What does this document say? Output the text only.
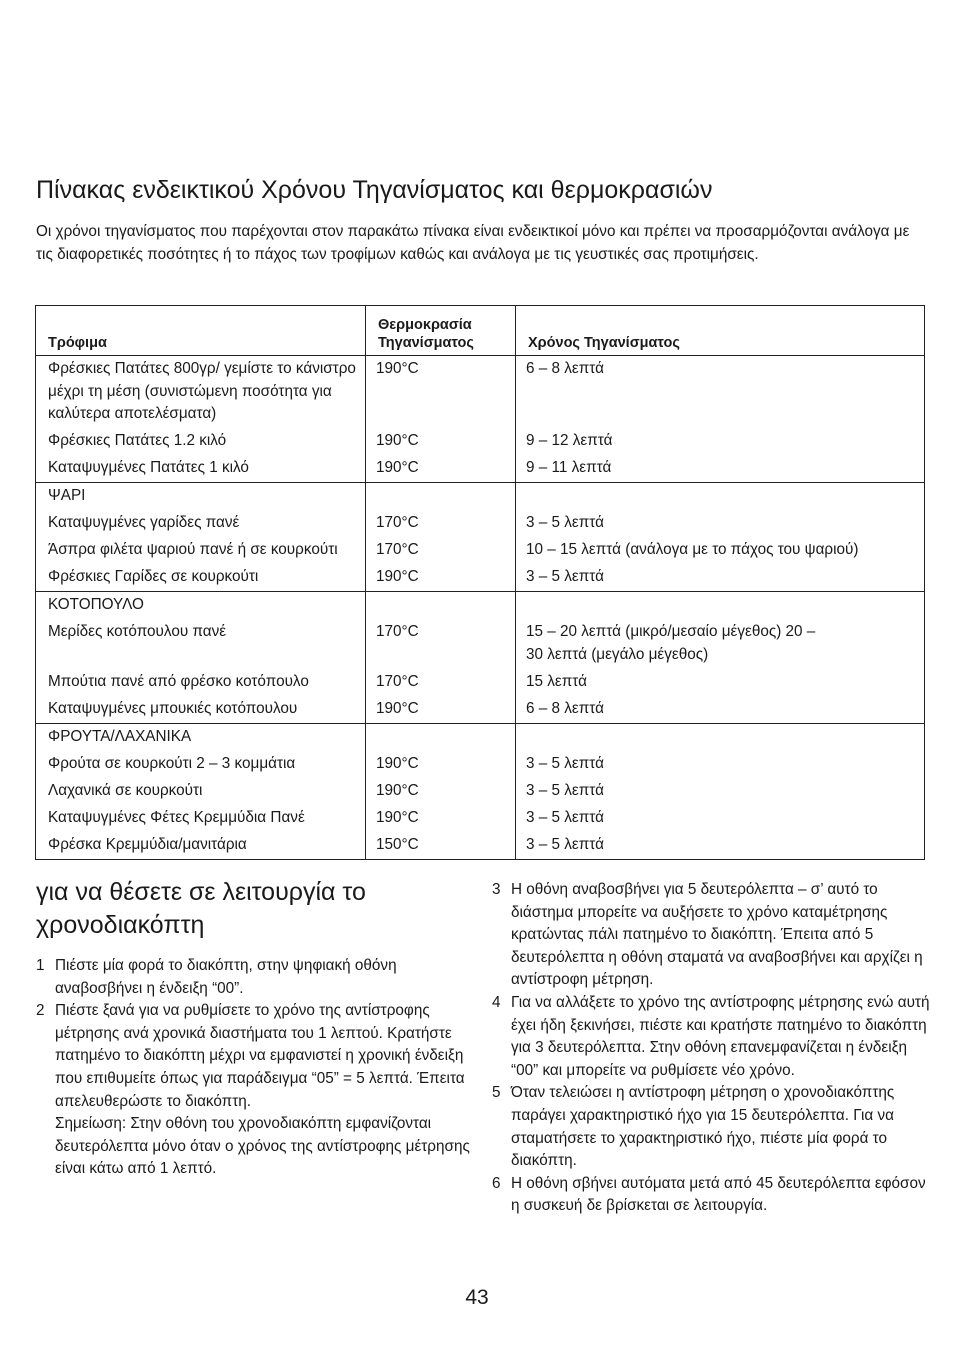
Πίνακας ενδεικτικού Χρόνου Τηγανίσματος και θερμοκρασιών

Οι χρόνοι τηγανίσματος που παρέχονται στον παρακάτω πίνακα είναι ενδεικτικοί μόνο και πρέπει να προσαρμόζονται ανάλογα με τις διαφορετικές ποσότητες ή το πάχος των τροφίμων καθώς και ανάλογα με τις γευστικές σας προτιμήσεις.

Τρόφιμα	Θερμοκρασία Τηγανίσματος	Χρόνος Τηγανίσματος
Φρέσκιες Πατάτες 800γρ/ γεμίστε το κάνιστρο μέχρι τη μέση (συνιστώμενη ποσότητα για καλύτερα αποτελέσματα)	190°C	6 – 8 λεπτά
Φρέσκιες Πατάτες 1.2 κιλό	190°C	9 – 12 λεπτά
Καταψυγμένες Πατάτες 1 κιλό	190°C	9 – 11 λεπτά
ΨΑΡΙ		
Καταψυγμένες γαρίδες πανέ	170°C	3 – 5 λεπτά
Άσπρα φιλέτα ψαριού πανέ ή σε κουρκούτι	170°C	10 – 15 λεπτά (ανάλογα με το πάχος του ψαριού)
Φρέσκιες Γαρίδες σε κουρκούτι	190°C	3 – 5 λεπτά
ΚΟΤΟΠΟΥΛΟ		
Μερίδες κοτόπουλου πανέ	170°C	15 – 20 λεπτά (μικρό/μεσαίο μέγεθος) 20 – 30 λεπτά (μεγάλο μέγεθος)
Μπούτια πανέ από φρέσκο κοτόπουλο	170°C	15 λεπτά
Καταψυγμένες μπουκιές κοτόπουλου	190°C	6 – 8 λεπτά
ΦΡΟΥΤΑ/ΛΑΧΑΝΙΚΑ		
Φρούτα σε κουρκούτι 2 – 3 κομμάτια	190°C	3 – 5 λεπτά
Λαχανικά σε κουρκούτι	190°C	3 – 5 λεπτά
Καταψυγμένες Φέτες Κρεμμύδια Πανέ	190°C	3 – 5 λεπτά
Φρέσκα Κρεμμύδια/μανιτάρια	150°C	3 – 5 λεπτά
για να θέσετε σε λειτουργία το χρονοδιακόπτη
1 Πιέστε μία φορά το διακόπτη, στην ψηφιακή οθόνη αναβοσβήνει η ένδειξη “00”.
2 Πιέστε ξανά για να ρυθμίσετε το χρόνο της αντίστροφης μέτρησης ανά χρονικά διαστήματα του 1 λεπτού. Κρατήστε πατημένο το διακόπτη μέχρι να εμφανιστεί η χρονική ένδειξη που επιθυμείτε όπως για παράδειγμα “05” = 5 λεπτά. Έπειτα απελευθερώστε το διακόπτη.
Σημείωση: Στην οθόνη του χρονοδιακόπτη εμφανίζονται δευτερόλεπτα μόνο όταν ο χρόνος της αντίστροφης μέτρησης είναι κάτω από 1 λεπτό.
3 Η οθόνη αναβοσβήνει για 5 δευτερόλεπτα – σ’ αυτό το διάστημα μπορείτε να αυξήσετε το χρόνο καταμέτρησης κρατώντας πάλι πατημένο το διακόπτη. Έπειτα από 5 δευτερόλεπτα η οθόνη σταματά να αναβοσβήνει και αρχίζει η αντίστροφη μέτρηση.
4 Για να αλλάξετε το χρόνο της αντίστροφης μέτρησης ενώ αυτή έχει ήδη ξεκινήσει, πιέστε και κρατήστε πατημένο το διακόπτη για 3 δευτερόλεπτα. Στην οθόνη επανεμφανίζεται η ένδειξη “00” και μπορείτε να ρυθμίσετε νέο χρόνο.
5 Όταν τελειώσει η αντίστροφη μέτρηση ο χρονοδιακόπτης παράγει χαρακτηριστικό ήχο για 15 δευτερόλεπτα. Για να σταματήσετε το χαρακτηριστικό ήχο, πιέστε μία φορά το διακόπτη.
6 Η οθόνη σβήνει αυτόματα μετά από 45 δευτερόλεπτα εφόσον η συσκευή δε βρίσκεται σε λειτουργία.
43
